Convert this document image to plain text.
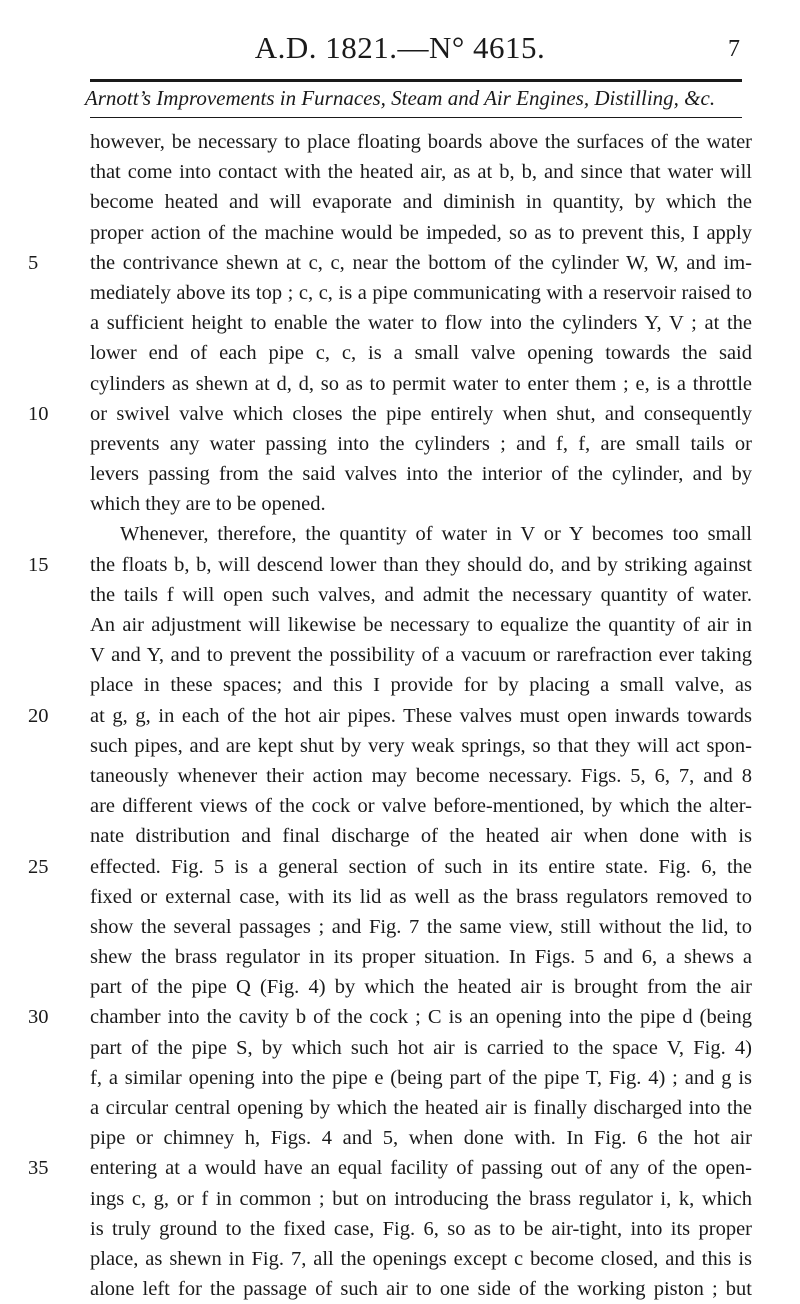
A.D. 1821.—N° 4615.	7
Arnott’s Improvements in Furnaces, Steam and Air Engines, Distilling, &c.
however, be necessary to place floating boards above the surfaces of the water
that come into contact with the heated air, as at b, b, and since that water will
become heated and will evaporate and diminish in quantity, by which the
proper action of the machine would be impeded, so as to prevent this, I apply
5	the contrivance shewn at c, c, near the bottom of the cylinder W, W, and im-
mediately above its top ; c, c, is a pipe communicating with a reservoir raised to
a sufficient height to enable the water to flow into the cylinders Y, V ; at the
lower end of each pipe c, c, is a small valve opening towards the said
cylinders as shewn at d, d, so as to permit water to enter them ; e, is a throttle
10	or swivel valve which closes the pipe entirely when shut, and consequently
prevents any water passing into the cylinders ; and f, f, are small tails or
levers passing from the said valves into the interior of the cylinder, and by
which they are to be opened.
Whenever, therefore, the quantity of water in V or Y becomes too small
15	the floats b, b, will descend lower than they should do, and by striking against
the tails f will open such valves, and admit the necessary quantity of water.
An air adjustment will likewise be necessary to equalize the quantity of air in
V and Y, and to prevent the possibility of a vacuum or rarefraction ever taking
place in these spaces; and this I provide for by placing a small valve, as
20	at g, g, in each of the hot air pipes. These valves must open inwards towards
such pipes, and are kept shut by very weak springs, so that they will act spon-
taneously whenever their action may become necessary. Figs. 5, 6, 7, and 8
are different views of the cock or valve before-mentioned, by which the alter-
nate distribution and final discharge of the heated air when done with is
25	effected. Fig. 5 is a general section of such in its entire state. Fig. 6, the
fixed or external case, with its lid as well as the brass regulators removed to
show the several passages ; and Fig. 7 the same view, still without the lid, to
shew the brass regulator in its proper situation. In Figs. 5 and 6, a shews a
part of the pipe Q (Fig. 4) by which the heated air is brought from the air
30	chamber into the cavity b of the cock ; C is an opening into the pipe d (being
part of the pipe S, by which such hot air is carried to the space V, Fig. 4)
f, a similar opening into the pipe e (being part of the pipe T, Fig. 4) ; and g is
a circular central opening by which the heated air is finally discharged into the
pipe or chimney h, Figs. 4 and 5, when done with. In Fig. 6 the hot air
35	entering at a would have an equal facility of passing out of any of the open-
ings c, g, or f in common ; but on introducing the brass regulator i, k, which
is truly ground to the fixed case, Fig. 6, so as to be air-tight, into its proper
place, as shewn in Fig. 7, all the openings except c become closed, and this is
alone left for the passage of such air to one side of the working piston ; but
